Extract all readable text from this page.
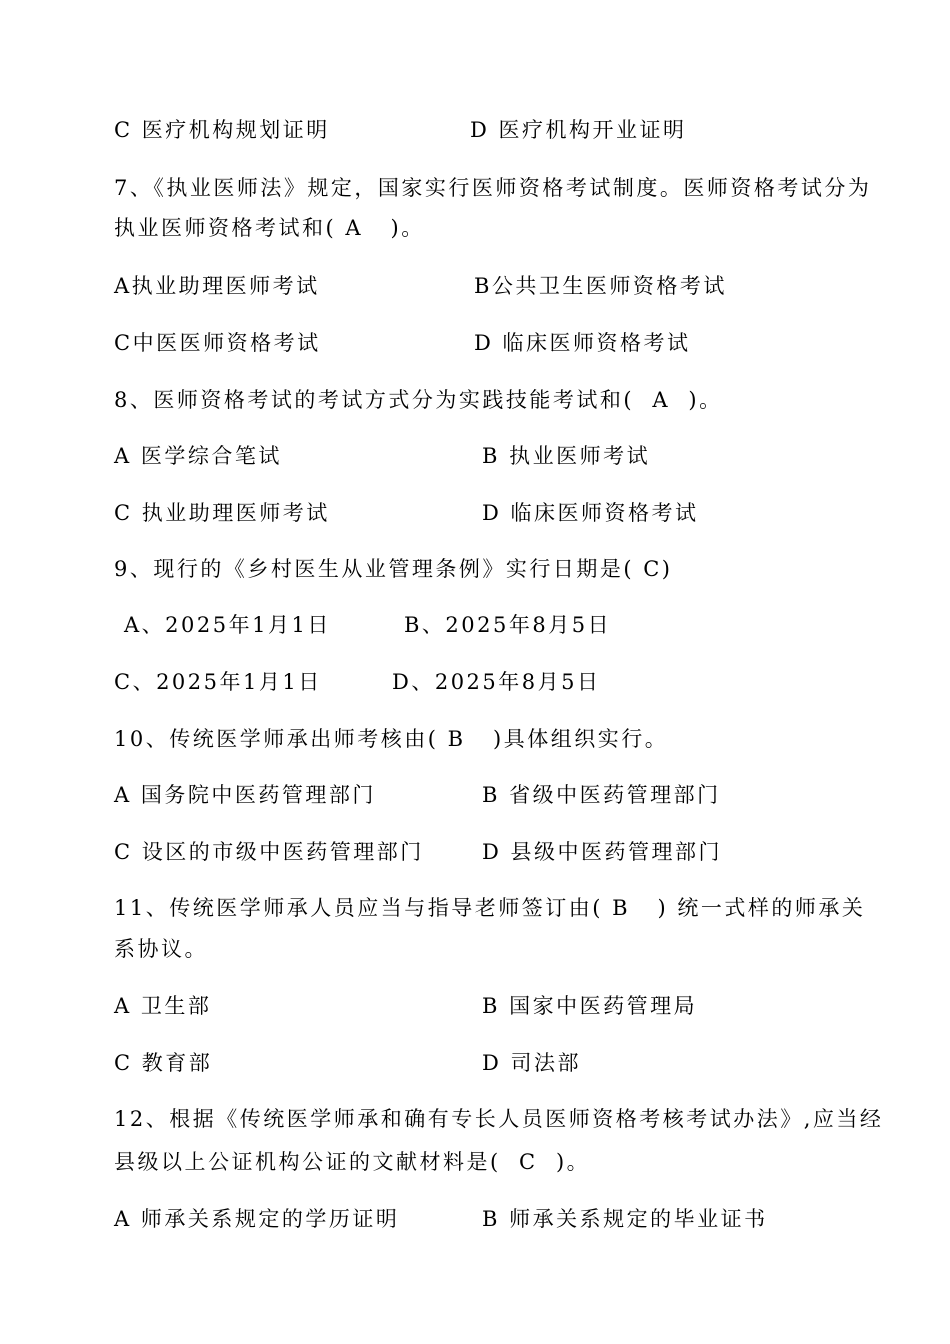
C 医疗机构规划证明	D 医疗机构开业证明
7、《执业医师法》规定，国家实行医师资格考试制度。医师资格考试分为
执业医师资格考试和( A   )。
A执业助理医师考试	B公共卫生医师资格考试
C中医医师资格考试	D 临床医师资格考试
8、医师资格考试的考试方式分为实践技能考试和(  A  )。
A 医学综合笔试	B 执业医师考试
C 执业助理医师考试	D 临床医师资格考试
9、现行的《乡村医生从业管理条例》实行日期是( C)
A、2025年1月1日	B、2025年8月5日
C、2025年1月1日	D、2025年8月5日
10、传统医学师承出师考核由( B   )具体组织实行。
A 国务院中医药管理部门	B 省级中医药管理部门
C 设区的市级中医药管理部门	D 县级中医药管理部门
11、传统医学师承人员应当与指导老师签订由( B   ) 统一式样的师承关
系协议。
A 卫生部	B 国家中医药管理局
C 教育部	D 司法部
12、根据《传统医学师承和确有专长人员医师资格考核考试办法》,应当经
县级以上公证机构公证的文献材料是(  C  )。
A 师承关系规定的学历证明	B 师承关系规定的毕业证书
